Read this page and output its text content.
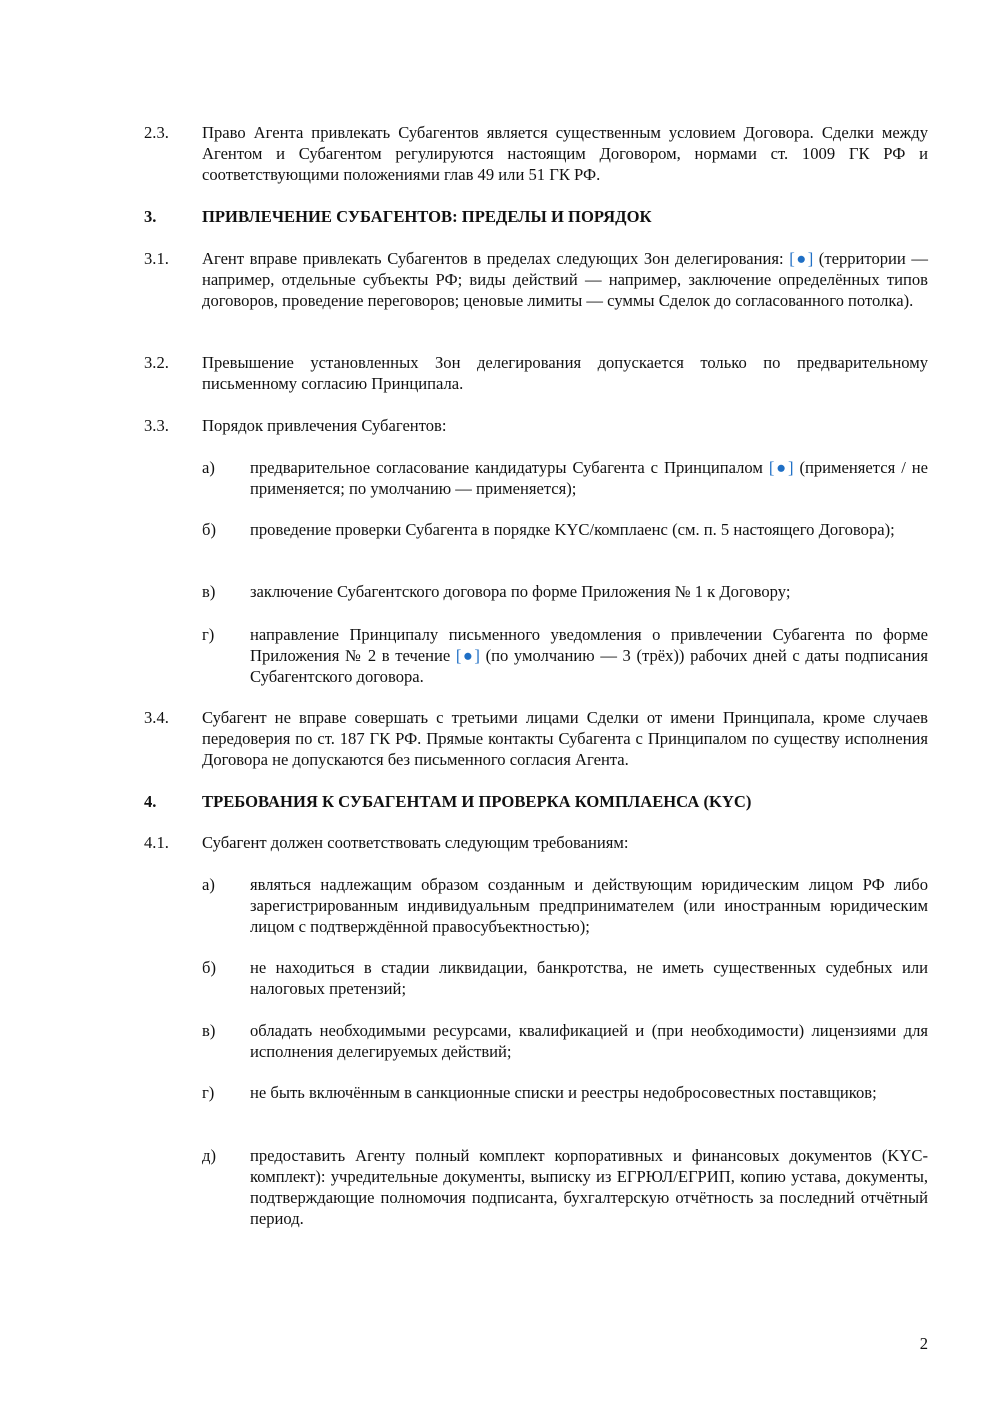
2.3. Право Агента привлекать Субагентов является существенным условием Договора. Сделки между Агентом и Субагентом регулируются настоящим Договором, нормами ст. 1009 ГК РФ и соответствующими положениями глав 49 или 51 ГК РФ.
3.	ПРИВЛЕЧЕНИЕ СУБАГЕНТОВ: ПРЕДЕЛЫ И ПОРЯДОК
3.1. Агент вправе привлекать Субагентов в пределах следующих Зон делегирования: [●] (территории — например, отдельные субъекты РФ; виды действий — например, заключение определённых типов договоров, проведение переговоров; ценовые лимиты — суммы Сделок до согласованного потолка).
3.2. Превышение установленных Зон делегирования допускается только по предварительному письменному согласию Принципала.
3.3. Порядок привлечения Субагентов:
а) предварительное согласование кандидатуры Субагента с Принципалом [●] (применяется / не применяется; по умолчанию — применяется);
б) проведение проверки Субагента в порядке KYC/комплаенс (см. п. 5 настоящего Договора);
в) заключение Субагентского договора по форме Приложения № 1 к Договору;
г) направление Принципалу письменного уведомления о привлечении Субагента по форме Приложения № 2 в течение [●] (по умолчанию — 3 (трёх)) рабочих дней с даты подписания Субагентского договора.
3.4. Субагент не вправе совершать с третьими лицами Сделки от имени Принципала, кроме случаев передоверия по ст. 187 ГК РФ. Прямые контакты Субагента с Принципалом по существу исполнения Договора не допускаются без письменного согласия Агента.
4.	ТРЕБОВАНИЯ К СУБАГЕНТАМ И ПРОВЕРКА КОМПЛАЕНСА (KYC)
4.1. Субагент должен соответствовать следующим требованиям:
а) являться надлежащим образом созданным и действующим юридическим лицом РФ либо зарегистрированным индивидуальным предпринимателем (или иностранным юридическим лицом с подтверждённой правосубъектностью);
б) не находиться в стадии ликвидации, банкротства, не иметь существенных судебных или налоговых претензий;
в) обладать необходимыми ресурсами, квалификацией и (при необходимости) лицензиями для исполнения делегируемых действий;
г) не быть включённым в санкционные списки и реестры недобросовестных поставщиков;
д) предоставить Агенту полный комплект корпоративных и финансовых документов (KYC-комплект): учредительные документы, выписку из ЕГРЮЛ/ЕГРИП, копию устава, документы, подтверждающие полномочия подписанта, бухгалтерскую отчётность за последний отчётный период.
2
